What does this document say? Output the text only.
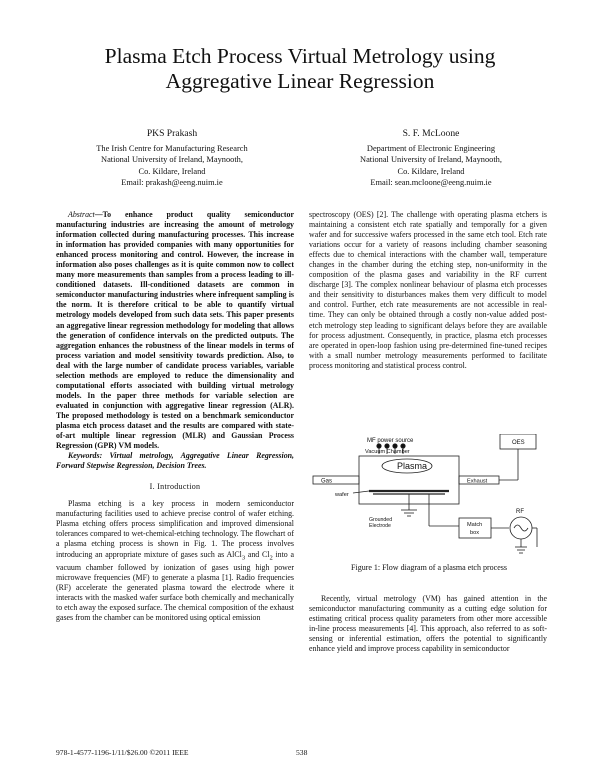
Plasma Etch Process Virtual Metrology using
Aggregative Linear Regression
PKS Prakash
The Irish Centre for Manufacturing Research
National University of Ireland, Maynooth,
Co. Kildare, Ireland
Email: prakash@eeng.nuim.ie
S. F. McLoone
Department of Electronic Engineering
National University of Ireland, Maynooth,
Co. Kildare, Ireland
Email: sean.mcloone@eeng.nuim.ie

Abstract—To enhance product quality semiconductor manufacturing industries are increasing the amount of metrology information collected during manufacturing processes. This increase in information has provided companies with many opportunities for enhanced process monitoring and control. However, the increase in information also poses challenges as it is quite common now to collect many more measurements than samples from a process leading to ill-conditioned datasets. Ill-conditioned datasets are common in semiconductor manufacturing industries where infrequent sampling is the norm. It is therefore critical to be able to quantify virtual metrology models developed from such data sets. This paper presents an aggregative linear regression methodology for modeling that allows the generation of confidence intervals on the predicted outputs. The aggregation enhances the robustness of the linear models in terms of process variation and model sensitivity towards prediction. Also, to deal with the large number of candidate process variables, variable selection methods are employed to reduce the dimensionality and computational efforts associated with building virtual metrology models. In the paper three methods for variable selection are evaluated in conjunction with aggregative linear regression (ALR). The proposed methodology is tested on a benchmark semiconductor plasma etch process dataset and the results are compared with state-of-art multiple linear regression (MLR) and Gaussian Process Regression (GPR) VM models.

Keywords: Virtual metrology, Aggregative Linear Regression, Forward Stepwise Regression, Decision Trees.

I. Introduction

Plasma etching is a key process in modern semiconductor manufacturing facilities used to achieve precise control of wafer etching. Plasma etching offers process simplification and improved dimensional tolerances compared to wet-chemical-etching technology. The flowchart of a plasma etching process is shown in Fig. 1. The process involves introducing an appropriate mixture of gases such as AlCl$_3$ and $Cl_2$ into a vacuum chamber followed by ionization of gases using high power microwave frequencies (MF) to generate a plasma [1]. Radio frequencies (RF) accelerate the generated plasma toward the electrode where it interacts with the masked wafer surface both chemically and mechanically to etch away the exposed surface. The chemical composition of the exhaust gases from the chamber can be monitored using optical emission

spectroscopy (OES) [2]. The challenge with operating plasma etchers is maintaining a consistent etch rate spatially and temporally for a given wafer and for successive wafers processed in the same etch tool. Etch rate variations occur for a variety of reasons including chamber seasoning effects due to chemical interactions with the chamber wall, temperature changes in the chamber during the etching step, non-uniformity in the composition of the plasma gases and variability in the RF current discharge [3]. The complex nonlinear behaviour of plasma etch processes and their sensitivity to disturbances makes them very difficult to model and control. Further, etch rate measurements are not accessible in real-time. They can only be obtained through a costly non-value added post-etch metrology step leading to significant delays before they are available for process adjustment. Consequently, in practice, plasma etch processes are operated in open-loop fashion using pre-determined fine-tuned recipes with a small number metrology measurements performed to facilitate process monitoring and statistical process control.

MF power source
Vacuum Chamber
Plasma
OES
Gas	Exhaust
wafer
Grounded
Electrode	Match
box
RF
Figure 1: Flow diagram of a plasma etch process

Recently, virtual metrology (VM) has gained attention in the semiconductor manufacturing community as a cutting edge solution for estimating critical process quality parameters from other more accessible in-line process measurements [4]. This approach, also referred to as soft-sensing or inferential estimation, offers the potential to significantly enhance yield and improve process capability in semiconductor

978-1-4577-1196-1/11/$26.00 ©2011 IEEE	538
